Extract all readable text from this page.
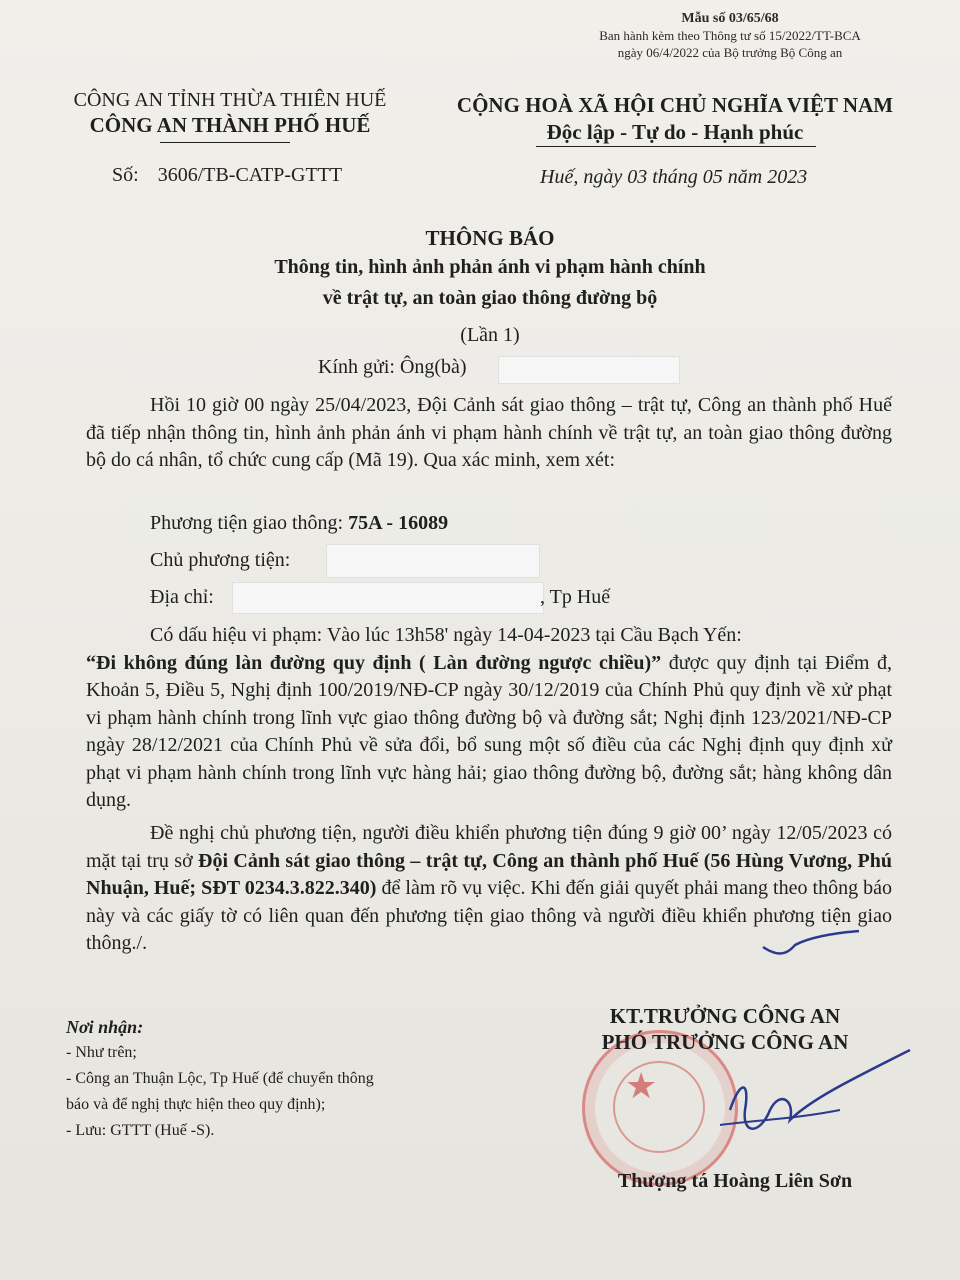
Mẫu số 03/65/68
Ban hành kèm theo Thông tư số 15/2022/TT-BCA
ngày 06/4/2022 của Bộ trưởng Bộ Công an
CÔNG AN TỈNH THỪA THIÊN HUẾ
CÔNG AN THÀNH PHỐ HUẾ
Số: 3606/TB-CATP-GTTT
CỘNG HOÀ XÃ HỘI CHỦ NGHĨA VIỆT NAM
Độc lập - Tự do - Hạnh phúc
Huế, ngày 03 tháng 05 năm 2023
THÔNG BÁO
Thông tin, hình ảnh phản ánh vi phạm hành chính
về trật tự, an toàn giao thông đường bộ
(Lần 1)
Kính gửi: Ông(bà)
Hồi 10 giờ 00 ngày 25/04/2023, Đội Cảnh sát giao thông – trật tự, Công an thành phố Huế đã tiếp nhận thông tin, hình ảnh phản ánh vi phạm hành chính về trật tự, an toàn giao thông đường bộ do cá nhân, tổ chức cung cấp (Mã 19). Qua xác minh, xem xét:
Phương tiện giao thông: 75A - 16089
Chủ phương tiện:
Địa chỉ:	, Tp Huế
Có dấu hiệu vi phạm: Vào lúc 13h58' ngày 14-04-2023 tại Cầu Bạch Yến:
“Đi không đúng làn đường quy định ( Làn đường ngược chiều)” được quy định tại Điểm đ, Khoản 5, Điều 5, Nghị định 100/2019/NĐ-CP ngày 30/12/2019 của Chính Phủ quy định về xử phạt vi phạm hành chính trong lĩnh vực giao thông đường bộ và đường sắt; Nghị định 123/2021/NĐ-CP ngày 28/12/2021 của Chính Phủ về sửa đổi, bổ sung một số điều của các Nghị định quy định xử phạt vi phạm hành chính trong lĩnh vực hàng hải; giao thông đường bộ, đường sắt; hàng không dân dụng.
Đề nghị chủ phương tiện, người điều khiển phương tiện đúng 9 giờ 00’ ngày 12/05/2023 có mặt tại trụ sở Đội Cảnh sát giao thông – trật tự, Công an thành phố Huế (56 Hùng Vương, Phú Nhuận, Huế; SĐT 0234.3.822.340) để làm rõ vụ việc. Khi đến giải quyết phải mang theo thông báo này và các giấy tờ có liên quan đến phương tiện giao thông và người điều khiển phương tiện giao thông./.
Nơi nhận:
- Như trên;
- Công an Thuận Lộc, Tp Huế (để chuyển thông
báo và để nghị thực hiện theo quy định);
- Lưu: GTTT (Huế -S).
★
KT.TRƯỞNG CÔNG AN
PHÓ TRƯỞNG CÔNG AN
Thượng tá Hoàng Liên Sơn
